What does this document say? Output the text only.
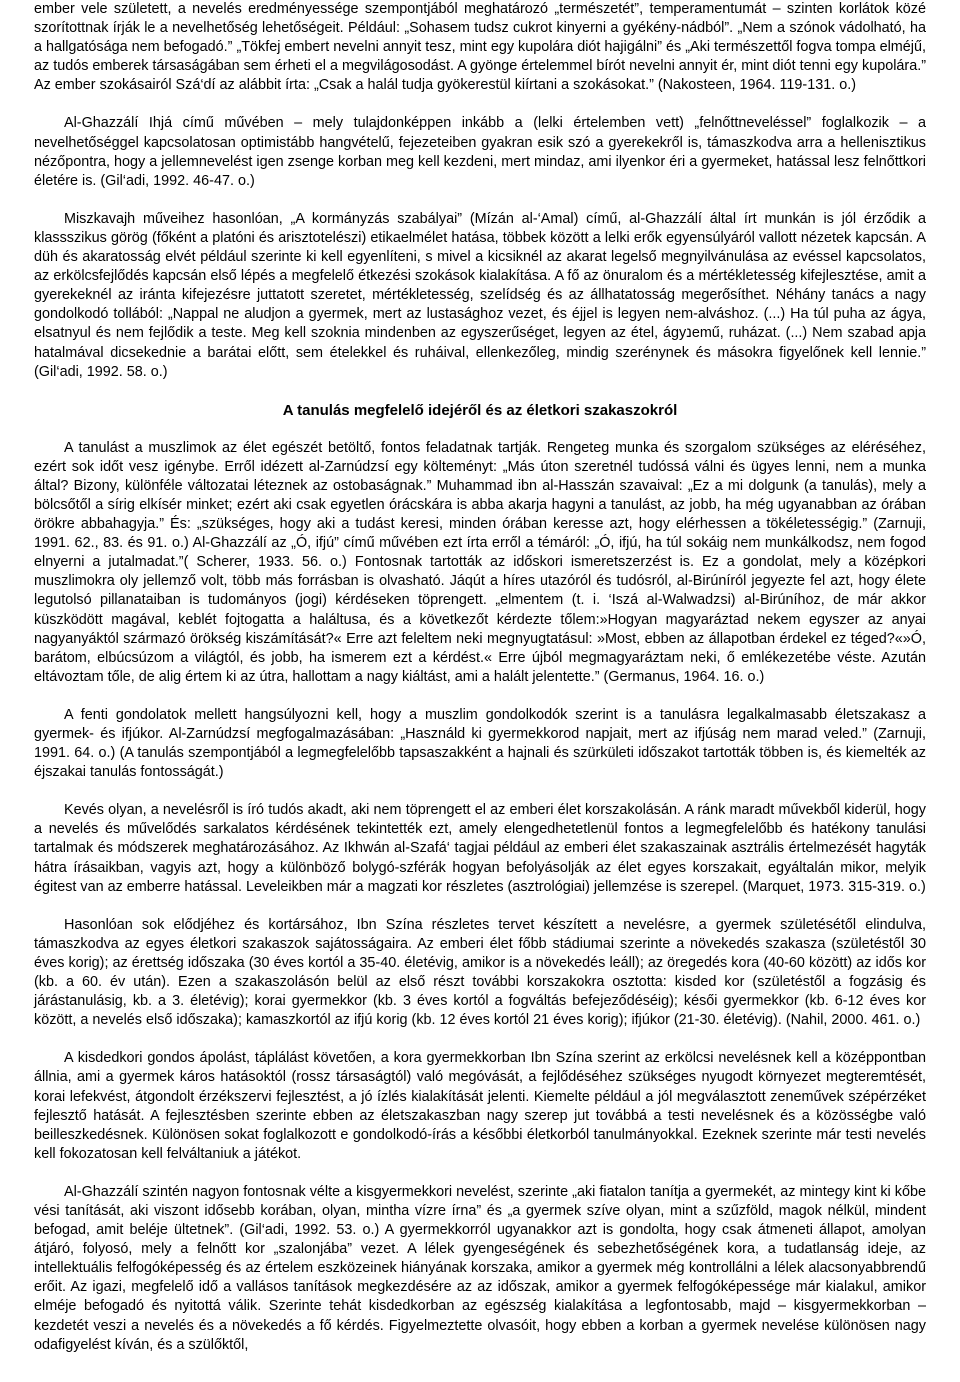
ember vele született, a nevelés eredményessége szempontjából meghatározó „természetét”, temperamentumát – szinten korlátok közé szorítottnak írják le a nevelhetőség lehetőségeit. Például: „Sohasem tudsz cukrot kinyerni a gyékény-nádból”. „Nem a szónok vádolható, ha a hallgatósága nem befogadó.” „Tökfej embert nevelni annyit tesz, mint egy kupolára diót hajigálni” és „Aki természettől fogva tompa elméjű, az tudós emberek társaságában sem érheti el a megvilágosodást. A gyönge értelemmel bírót nevelni annyit ér, mint diót tenni egy kupolára.” Az ember szokásairól Szá‘dí az alábbit írta: „Csak a halál tudja gyökerestül kiírtani a szokásokat.” (Nakosteen, 1964. 119-131. o.)

Al-Ghazzálí Ihjá című művében – mely tulajdonképpen inkább a (lelki értelemben vett) „felnőttneveléssel” foglalkozik – a nevelhetőséggel kapcsolatosan optimistább hangvételű, fejezeteiben gyakran esik szó a gyerekekről is, támaszkodva arra a hellenisztikus nézőpontra, hogy a jellemnevelést igen zsenge korban meg kell kezdeni, mert mindaz, ami ilyenkor éri a gyermeket, hatással lesz felnőttkori életére is. (Gil‘adi, 1992. 46-47. o.)

Miszkavajh műveihez hasonlóan, „A kormányzás szabályai” (Mízán al-‘Amal) című, al-Ghazzálí által írt munkán is jól érződik a klassszikus görög (főként a platóni és arisztotelészi) etikaelmélet hatása, többek között a lelki erők egyensúlyáról vallott nézetek kapcsán. A düh és akaratosság elvét például szerinte ki kell egyenlíteni, s mivel a kicsiknél az akarat legelső megnyilvánulása az evéssel kapcsolatos, az erkölcsfejlődés kapcsán első lépés a megfelelő étkezési szokások kialakítása. A fő az önuralom és a mértékletesség kifejlesztése, amit a gyerekeknél az iránta kifejezésre juttatott szeretet, mértékletesség, szelídség és az állhatatosság megerősíthet. Néhány tanács a nagy gondolkodó tollából: „Nappal ne aludjon a gyermek, mert az lustasághoz vezet, és éjjel is legyen nem-alváshoz. (...) Ha túl puha az ágya, elsatnyul és nem fejlődik a teste. Meg kell szoknia mindenben az egyszerűséget, legyen az étel, ágyנemű, ruházat. (...) Nem szabad apja hatalmával dicsekednie a barátai előtt, sem ételekkel és ruháival, ellenkezőleg, mindig szerénynek és másokra figyelőnek kell lennie.” (Gil‘adi, 1992. 58. o.)

A tanulás megfelelő idejéről és az életkori szakaszokról

A tanulást a muszlimok az élet egészét betöltő, fontos feladatnak tartják. Rengeteg munka és szorgalom szükséges az eléréséhez, ezért sok időt vesz igénybe. Erről idézett al-Zarnúdzsí egy költeményt: „Más úton szeretnél tudóssá válni és ügyes lenni, nem a munka által? Bizony, különféle változatai léteznek az ostobaságnak.” Muhammad ibn al-Hasszán szavaival: „Ez a mi dolgunk (a tanulás), mely a bölcsőtől a sírig elkísér minket; ezért aki csak egyetlen órácskára is abba akarja hagyni a tanulást, az jobb, ha még ugyanabban az órában örökre abbahagyja.” És: „szükséges, hogy aki a tudást keresi, minden órában keresse azt, hogy elérhessen a tökéletességig.” (Zarnuji, 1991. 62., 83. és 91. o.) Al-Ghazzálí az „Ó, ifjú” című művében ezt írta erről a témáról: „Ó, ifjú, ha túl sokáig nem munkálkodsz, nem fogod elnyerni a jutalmadat.”( Scherer, 1933. 56. o.) Fontosnak tartották az időskori ismeretszerzést is. Ez a gondolat, mely a középkori muszlimokra oly jellemző volt, több más forrásban is olvasható. Jáqút a híres utazóról és tudósról, al-Birúníról jegyezte fel azt, hogy élete legutolsó pillanataiban is tudományos (jogi) kérdéseken töprengett. „elmentem (t. i. ‘Iszá al-Walwadzsi) al-Birúníhoz, de már akkor küszködött magával, keblét fojtogatta a haláltusa, és a következőt kérdezte tőlem:»Hogyan magyaráztad nekem egyszer az anyai nagyanyáktól származó örökség kiszámítását?« Erre azt feleltem neki megnyugtatásul: »Most, ebben az állapotban érdekel ez téged?«»Ó, barátom, elbúcsúzom a világtól, és jobb, ha ismerem ezt a kérdést.« Erre újból megmagyaráztam neki, ő emlékezetébe véste. Azután eltávoztam tőle, de alig értem ki az útra, hallottam a nagy kiáltást, ami a halált jelentette.” (Germanus, 1964. 16. o.)

A fenti gondolatok mellett hangsúlyozni kell, hogy a muszlim gondolkodók szerint is a tanulásra legalkalmasabb életszakasz a gyermek- és ifjúkor. Al-Zarnúdzsí megfogalmazásában: „Használd ki gyermekkorod napjait, mert az ifjúság nem marad veled.” (Zarnuji, 1991. 64. o.) (A tanulás szempontjából a legmegfelelőbb tapsaszakként a hajnali és szürkületi időszakot tartották többen is, és kiemelték az éjszakai tanulás fontosságát.)

Kevés olyan, a nevelésről is író tudós akadt, aki nem töprengett el az emberi élet korszakolásán. A ránk maradt művekből kiderül, hogy a nevelés és művelődés sarkalatos kérdésének tekintették ezt, amely elengedhetetlenül fontos a legmegfelelőbb és hatékony tanulási tartalmak és módszerek meghatározásához. Az Ikhwán al-Szafá‘ tagjai például az emberi élet szakaszainak asztrális értelmezését hagyták hátra írásaikban, vagyis azt, hogy a különböző bolygó-szférák hogyan befolyásolják az élet egyes korszakait, egyáltalán mikor, melyik égitest van az emberre hatással. Leveleikben már a magzati kor részletes (asztrológiai) jellemzése is szerepel. (Marquet, 1973. 315-319. o.)

Hasonlóan sok elődjéhez és kortársához, Ibn Szína részletes tervet készített a nevelésre, a gyermek születésétől elindulva, támaszkodva az egyes életkori szakaszok sajátosságaira. Az emberi élet főbb stádiumai szerinte a növekedés szakasza (születéstől 30 éves korig); az érettség időszaka (30 éves kortól a 35-40. életévig, amikor is a növekedés leáll); az öregedés kora (40-60 között) az idős kor (kb. a 60. év után). Ezen a szakaszolásón belül az első részt további korszakokra osztotta: kisded kor (születéstől a fogzásig és járástanulásig, kb. a 3. életévig); korai gyermekkor (kb. 3 éves kortól a fogváltás befejeződéséig); késői gyermekkor (kb. 6-12 éves kor között, a nevelés első időszaka); kamaszkortól az ifjú korig (kb. 12 éves kortól 21 éves korig); ifjúkor (21-30. életévig). (Nahil, 2000. 461. o.)

A kisdedkori gondos ápolást, táplálást követően, a kora gyermekkorban Ibn Szína szerint az erkölcsi nevelésnek kell a középpontban állnia, ami a gyermek káros hatásoktól (rossz társaságtól) való megóvását, a fejlődéséhez szükséges nyugodt környezet megteremtését, korai lefekvést, átgondolt érzékszervi fejlesztést, a jó ízlés kialakítását jelenti. Kiemelte például a jól megválasztott zeneművek szépérzéket fejlesztő hatását. A fejlesztésben szerinte ebben az életszakaszban nagy szerep jut továbbá a testi nevelésnek és a közösségbe való beilleszkedésnek. Különösen sokat foglalkozott e gondolkodó-írás a későbbi életkorból tanulmányokkal. Ezeknek szerinte már testi nevelés kell fokozatosan kell felváltaniuk a játékot.

Al-Ghazzálí szintén nagyon fontosnak vélte a kisgyermekkori nevelést, szerinte „aki fiatalon tanítja a gyermekét, az mintegy kint ki kőbe vési tanítását, aki viszont idősebb korában, olyan, mintha vízre írna” és „a gyermek szíve olyan, mint a szűzföld, magok nélkül, mindent befogad, amit beléje ültetnek”. (Gil‘adi, 1992. 53. o.) A gyermekkorról ugyanakkor azt is gondolta, hogy csak átmeneti állapot, amolyan átjáró, folyosó, mely a felnőtt kor „szalonjába” vezet. A lélek gyengeségének és sebezhetőségének kora, a tudatlanság ideje, az intellektuális felfogóképesség és az értelem eszközeinek hiányának korszaka, amikor a gyermek még kontrollálni a lélek alacsonyabbrendű erőit. Az igazi, megfelelő idő a vallásos tanítások megkezdésére az az időszak, amikor a gyermek felfogóképessége már kialakul, amikor elméje befogadó és nyitottá válik. Szerinte tehát kisdedkorban az egészség kialakítása a legfontosabb, majd – kisgyermekkorban – kezdetét veszi a nevelés és a növekedés a fő kérdés. Figyelmeztette olvasóit, hogy ebben a korban a gyermek nevelése különösen nagy odafigyelést kíván, és a szülőktől,
